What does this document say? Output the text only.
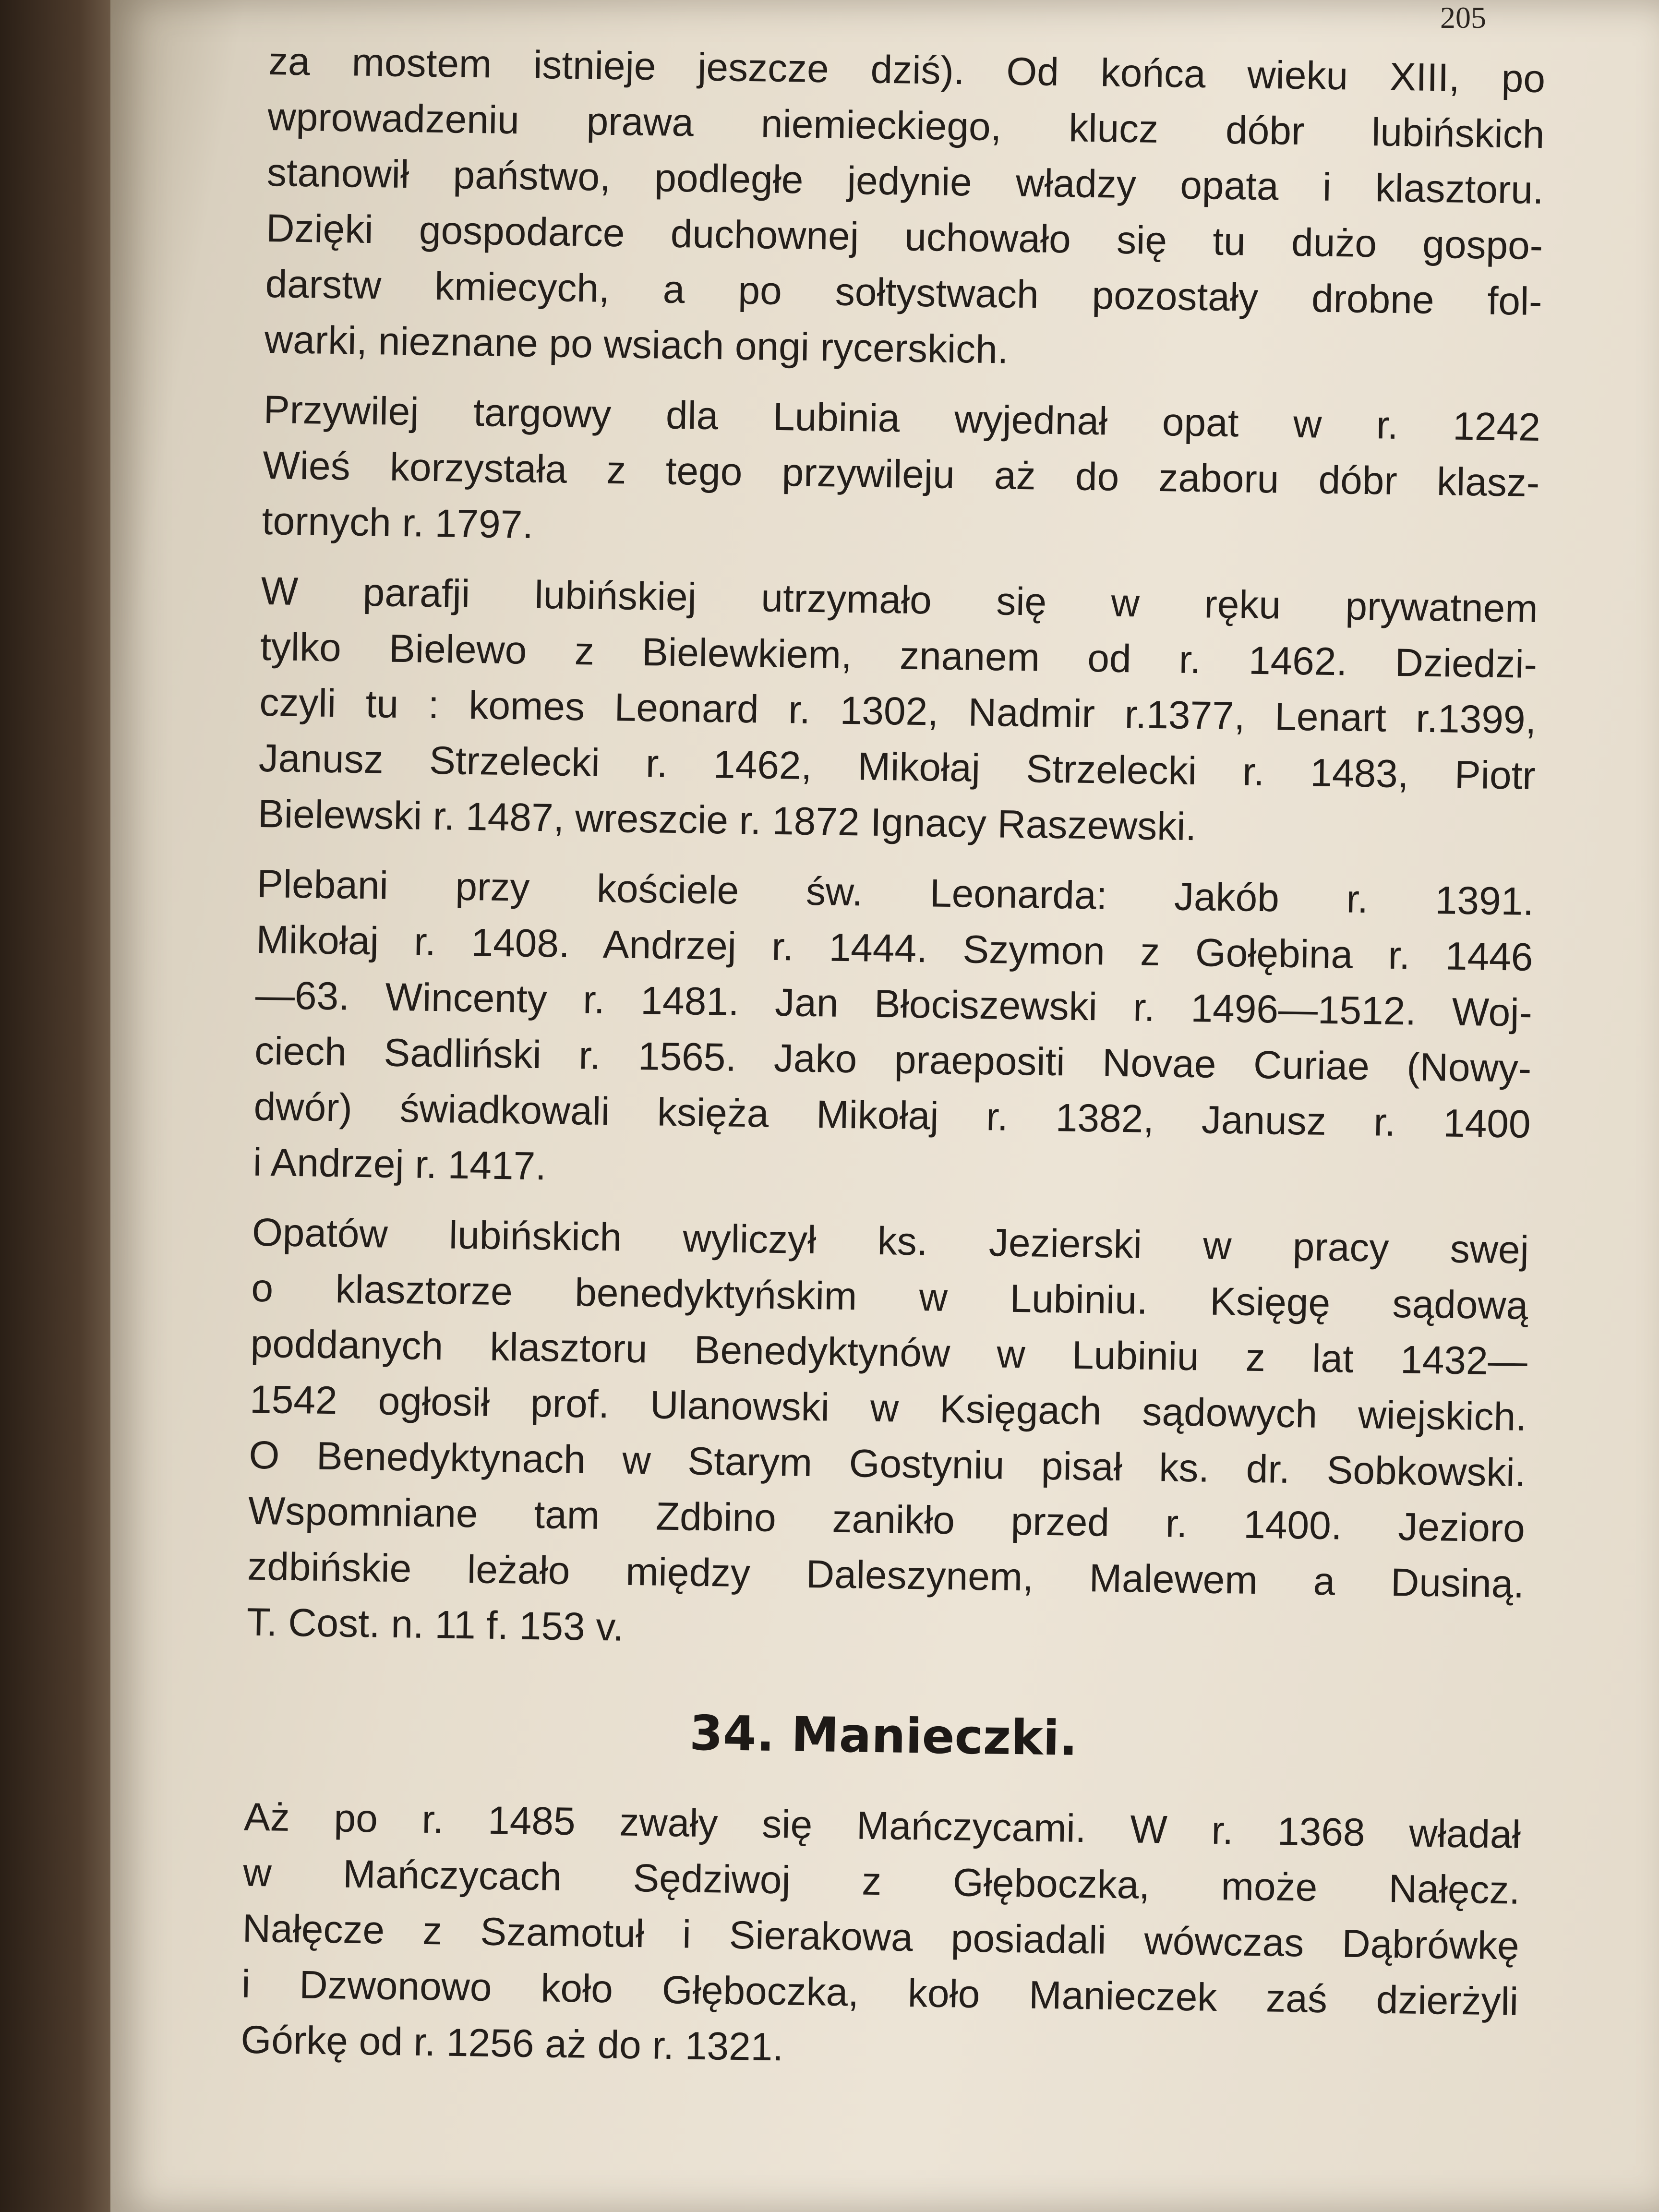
205
za mostem istnieje jeszcze dziś). Od końca wieku XIII, po
wprowadzeniu prawa niemieckiego, klucz dóbr lubińskich
stanowił państwo, podległe jedynie władzy opata i klasztoru.
Dzięki gospodarce duchownej uchowało się tu dużo gospo-
darstw kmiecych, a po sołtystwach pozostały drobne fol-
warki, nieznane po wsiach ongi rycerskich.
Przywilej targowy dla Lubinia wyjednał opat w r. 1242
Wieś korzystała z tego przywileju aż do zaboru dóbr klasz-
tornych r. 1797.
W parafji lubińskiej utrzymało się w ręku prywatnem
tylko Bielewo z Bielewkiem, znanem od r. 1462. Dziedzi-
czyli tu : komes Leonard r. 1302, Nadmir r.1377, Lenart r.1399,
Janusz Strzelecki r. 1462, Mikołaj Strzelecki r. 1483, Piotr
Bielewski r. 1487, wreszcie r. 1872 Ignacy Raszewski.
Plebani przy kościele św. Leonarda: Jakób r. 1391.
Mikołaj r. 1408. Andrzej r. 1444. Szymon z Gołębina r. 1446
—63. Wincenty r. 1481. Jan Błociszewski r. 1496—1512. Woj-
ciech Sadliński r. 1565. Jako praepositi Novae Curiae (Nowy-
dwór) świadkowali księża Mikołaj r. 1382, Janusz r. 1400
i Andrzej r. 1417.
Opatów lubińskich wyliczył ks. Jezierski w pracy swej
o klasztorze benedyktyńskim w Lubiniu. Księgę sądową
poddanych klasztoru Benedyktynów w Lubiniu z lat 1432—
1542 ogłosił prof. Ulanowski w Księgach sądowych wiejskich.
O Benedyktynach w Starym Gostyniu pisał ks. dr. Sobkowski.
Wspomniane tam Zdbino zanikło przed r. 1400. Jezioro
zdbińskie leżało między Daleszynem, Malewem a Dusiną.
T. Cost. n. 11 f. 153 v.
34. Manieczki.
Aż po r. 1485 zwały się Mańczycami. W r. 1368 władał
w Mańczycach Sędziwoj z Głęboczka, może Nałęcz.
Nałęcze z Szamotuł i Sierakowa posiadali wówczas Dąbrówkę
i Dzwonowo koło Głęboczka, koło Manieczek zaś dzierżyli
Górkę od r. 1256 aż do r. 1321.
